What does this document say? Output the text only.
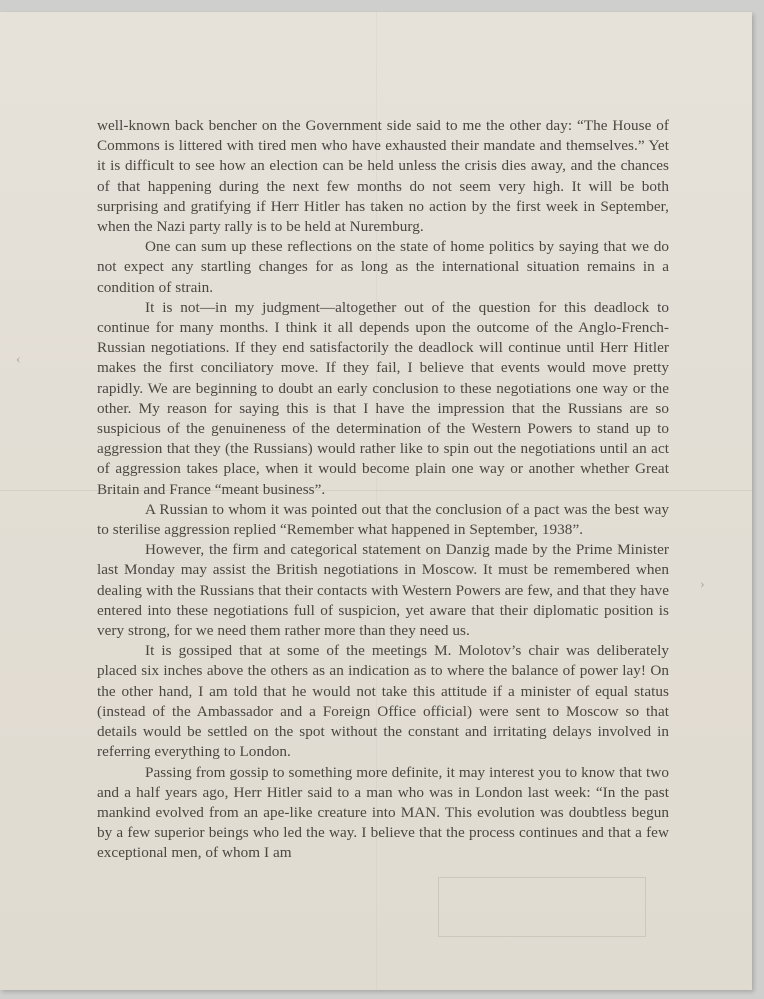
well-known back bencher on the Government side said to me the other day: “The House of Commons is littered with tired men who have exhausted their mandate and themselves.” Yet it is difficult to see how an election can be held unless the crisis dies away, and the chances of that happening during the next few months do not seem very high. It will be both surprising and gratifying if Herr Hitler has taken no action by the first week in September, when the Nazi party rally is to be held at Nuremburg.

One can sum up these reflections on the state of home politics by saying that we do not expect any startling changes for as long as the international situation remains in a condition of strain.

It is not—in my judgment—altogether out of the question for this deadlock to continue for many months. I think it all depends upon the outcome of the Anglo-French-Russian negotiations. If they end satisfactorily the deadlock will continue until Herr Hitler makes the first conciliatory move. If they fail, I believe that events would move pretty rapidly. We are beginning to doubt an early conclusion to these negotiations one way or the other. My reason for saying this is that I have the impression that the Russians are so suspicious of the genuineness of the determination of the Western Powers to stand up to aggression that they (the Russians) would rather like to spin out the negotiations until an act of aggression takes place, when it would become plain one way or another whether Great Britain and France “meant business”.

A Russian to whom it was pointed out that the conclusion of a pact was the best way to sterilise aggression replied “Remember what happened in September, 1938”.

However, the firm and categorical statement on Danzig made by the Prime Minister last Monday may assist the British negotiations in Moscow. It must be remembered when dealing with the Russians that their contacts with Western Powers are few, and that they have entered into these negotiations full of suspicion, yet aware that their diplomatic position is very strong, for we need them rather more than they need us.

It is gossiped that at some of the meetings M. Molotov’s chair was deliberately placed six inches above the others as an indication as to where the balance of power lay! On the other hand, I am told that he would not take this attitude if a minister of equal status (instead of the Ambassador and a Foreign Office official) were sent to Moscow so that details would be settled on the spot without the constant and irritating delays involved in referring everything to London.

Passing from gossip to something more definite, it may interest you to know that two and a half years ago, Herr Hitler said to a man who was in London last week: “In the past mankind evolved from an ape-like creature into MAN. This evolution was doubtless begun by a few superior beings who led the way. I believe that the process continues and that a few exceptional men, of whom I am

‹
›
